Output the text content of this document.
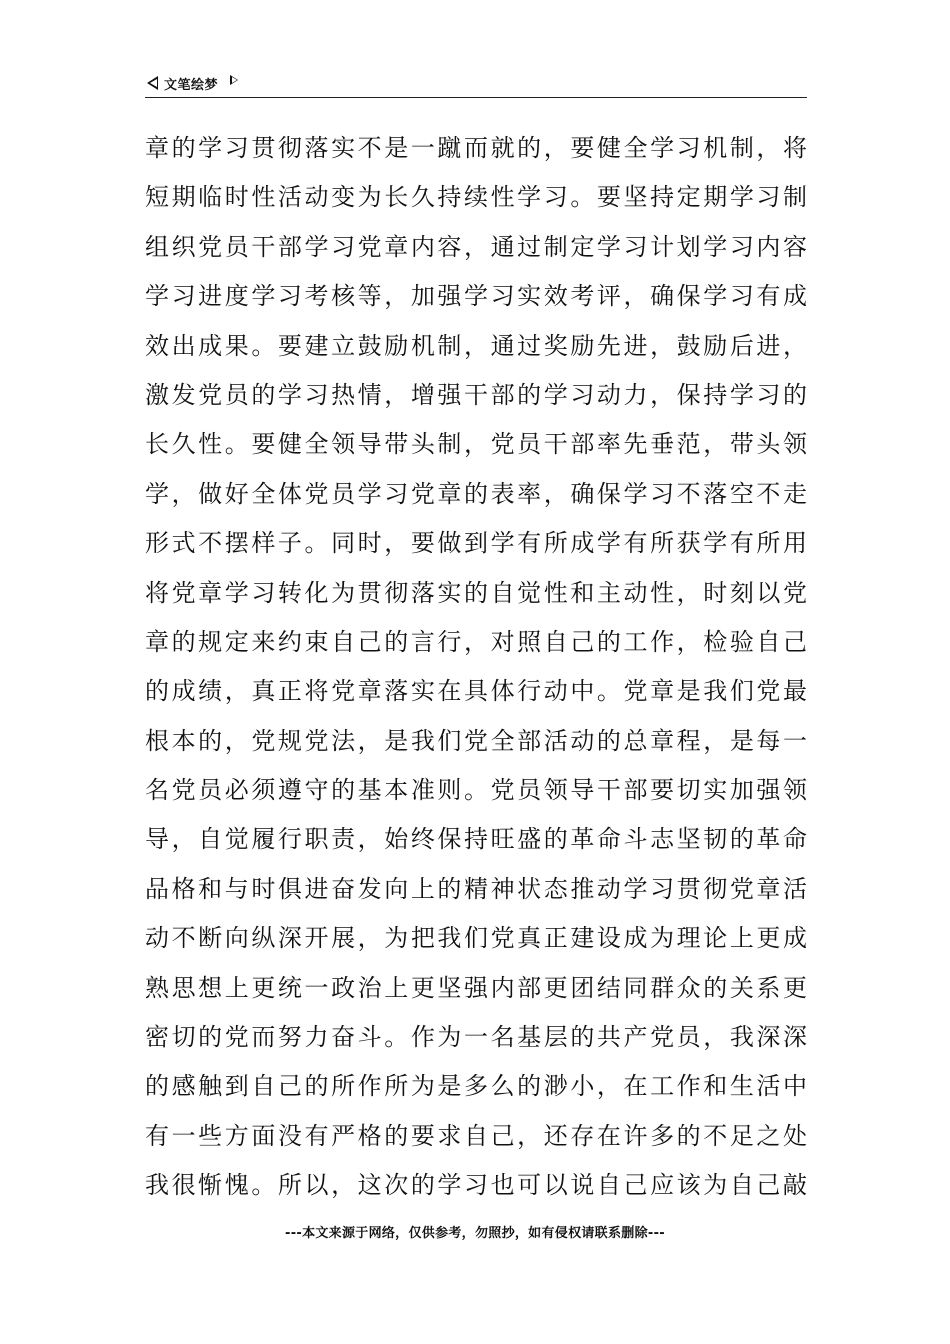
文笔绘梦
章的学习贯彻落实不是一蹴而就的，要健全学习机制，将
短期临时性活动变为长久持续性学习。要坚持定期学习制
组织党员干部学习党章内容，通过制定学习计划学习内容
学习进度学习考核等，加强学习实效考评，确保学习有成
效出成果。要建立鼓励机制，通过奖励先进，鼓励后进，
激发党员的学习热情，增强干部的学习动力，保持学习的
长久性。要健全领导带头制，党员干部率先垂范，带头领
学，做好全体党员学习党章的表率，确保学习不落空不走
形式不摆样子。同时，要做到学有所成学有所获学有所用
将党章学习转化为贯彻落实的自觉性和主动性，时刻以党
章的规定来约束自己的言行，对照自己的工作，检验自己
的成绩，真正将党章落实在具体行动中。党章是我们党最
根本的，党规党法，是我们党全部活动的总章程，是每一
名党员必须遵守的基本准则。党员领导干部要切实加强领
导，自觉履行职责，始终保持旺盛的革命斗志坚韧的革命
品格和与时俱进奋发向上的精神状态推动学习贯彻党章活
动不断向纵深开展，为把我们党真正建设成为理论上更成
熟思想上更统一政治上更坚强内部更团结同群众的关系更
密切的党而努力奋斗。作为一名基层的共产党员，我深深
的感触到自己的所作所为是多么的渺小，在工作和生活中
有一些方面没有严格的要求自己，还存在许多的不足之处
我很惭愧。所以，这次的学习也可以说自己应该为自己敲
---本文来源于网络，仅供参考，勿照抄，如有侵权请联系删除---
